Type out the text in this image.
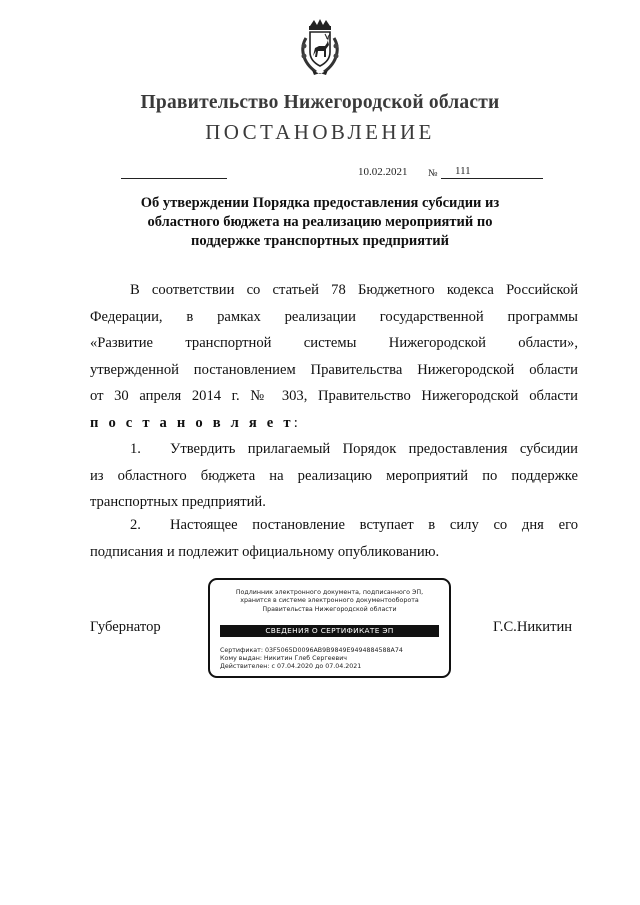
Правительство Нижегородской области
ПОСТАНОВЛЕНИЕ
10.02.2021 № 111
Об утверждении Порядка предоставления субсидии из
областного бюджета на реализацию мероприятий по
поддержке транспортных предприятий
В соответствии со статьей 78 Бюджетного кодекса Российской
Федерации, в рамках реализации государственной программы
«Развитие транспортной системы Нижегородской области»,
утвержденной постановлением Правительства Нижегородской области
от 30 апреля 2014 г. № 303, Правительство Нижегородской области
п о с т а н о в л я е т:
1. Утвердить прилагаемый Порядок предоставления субсидии
из областного бюджета на реализацию мероприятий по поддержке
транспортных предприятий.
2. Настоящее постановление вступает в силу со дня его
подписания и подлежит официальному опубликованию.
Губернатор	Г.С.Никитин
Подлинник электронного документа, подписанного ЭП,
хранится в системе электронного документооборота
Правительства Нижегородской области
СВЕДЕНИЯ О СЕРТИФИКАТЕ ЭП
Сертификат: 03F5065D0096AB9B9849E9494884588A74
Кому выдан: Никитин Глеб Сергеевич
Действителен: с 07.04.2020 до 07.04.2021
